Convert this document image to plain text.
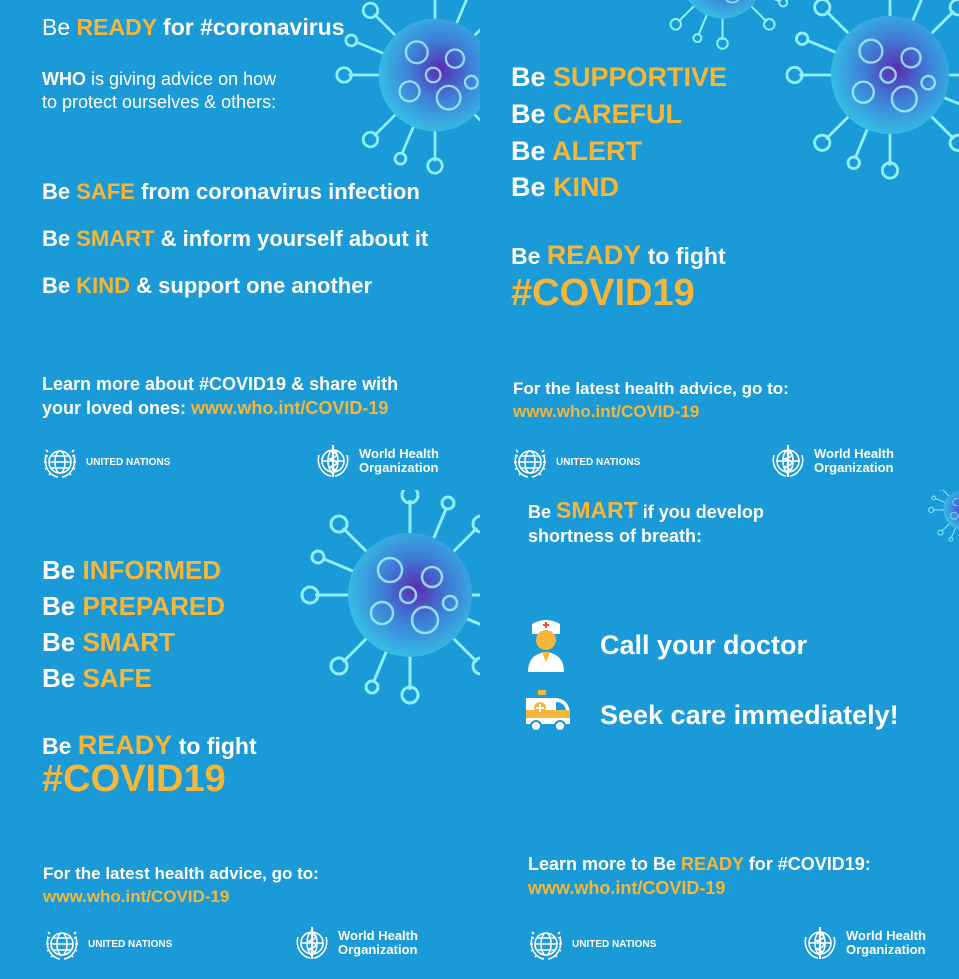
Be READY for #coronavirus
WHO is giving advice on how
to protect ourselves & others:
Be SAFE from coronavirus infection
Be SMART & inform yourself about it
Be KIND & support one another
Learn more about #COVID19 & share with
your loved ones: www.who.int/COVID-19
UNITED NATIONS
World Health
Organization
Be SUPPORTIVE
Be CAREFUL
Be ALERT
Be KIND
Be READY to fight
#COVID19
For the latest health advice, go to:
www.who.int/COVID-19
UNITED NATIONS
World Health
Organization
Be INFORMED
Be PREPARED
Be SMART
Be SAFE
Be READY to fight
#COVID19
For the latest health advice, go to:
www.who.int/COVID-19
UNITED NATIONS
World Health
Organization
Be SMART if you develop
shortness of breath:
Call your doctor
Seek care immediately!
Learn more to Be READY for #COVID19:
www.who.int/COVID-19
UNITED NATIONS
World Health
Organization
